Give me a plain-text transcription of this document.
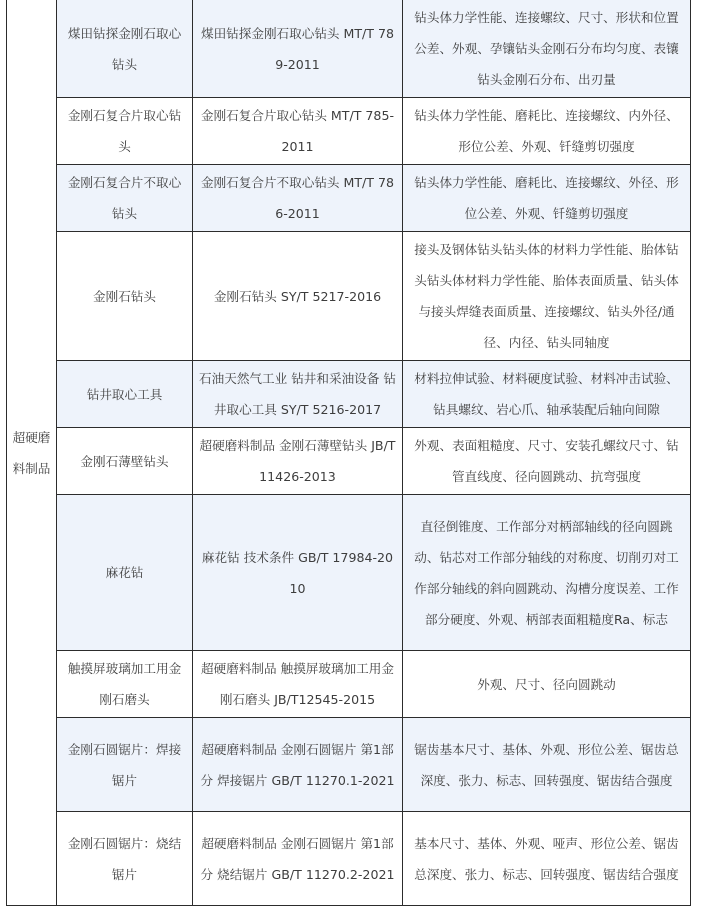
超硬磨料制品	煤田钻探金刚石取心钻头	煤田钻探金刚石取心钻头 MT/T 789-2011	钻头体力学性能、连接螺纹、尺寸、形状和位置公差、外观、孕镶钻头金刚石分布均匀度、表镶钻头金刚石分布、出刃量
	金刚石复合片取心钻头	金刚石复合片取心钻头 MT/T 785-2011	钻头体力学性能、磨耗比、连接螺纹、内外径、形位公差、外观、钎缝剪切强度
	金刚石复合片不取心钻头	金刚石复合片不取心钻头 MT/T 786-2011	钻头体力学性能、磨耗比、连接螺纹、外径、形位公差、外观、钎缝剪切强度
	金刚石钻头	金刚石钻头 SY/T 5217-2016	接头及钢体钻头钻头体的材料力学性能、胎体钻头钻头体材料力学性能、胎体表面质量、钻头体与接头焊缝表面质量、连接螺纹、钻头外径/通径、内径、钻头同轴度
	钻井取心工具	石油天然气工业 钻井和采油设备 钻井取心工具 SY/T 5216-2017	材料拉伸试验、材料硬度试验、材料冲击试验、钻具螺纹、岩心爪、轴承装配后轴向间隙
	金刚石薄壁钻头	超硬磨料制品 金刚石薄壁钻头 JB/T 11426-2013	外观、表面粗糙度、尺寸、安装孔螺纹尺寸、钻管直线度、径向圆跳动、抗弯强度
	麻花钻	麻花钻 技术条件 GB/T 17984-2010	直径倒锥度、工作部分对柄部轴线的径向圆跳动、钻芯对工作部分轴线的对称度、切削刃对工作部分轴线的斜向圆跳动、沟槽分度误差、工作部分硬度、外观、柄部表面粗糙度Ra、标志
	触摸屏玻璃加工用金刚石磨头	超硬磨料制品 触摸屏玻璃加工用金刚石磨头 JB/T12545-2015	外观、尺寸、径向圆跳动
	金刚石圆锯片：焊接锯片	超硬磨料制品 金刚石圆锯片 第1部分 焊接锯片 GB/T 11270.1-2021	锯齿基本尺寸、基体、外观、形位公差、锯齿总深度、张力、标志、回转强度、锯齿结合强度
	金刚石圆锯片：烧结锯片	超硬磨料制品 金刚石圆锯片 第1部分 烧结锯片 GB/T 11270.2-2021	基本尺寸、基体、外观、哑声、形位公差、锯齿总深度、张力、标志、回转强度、锯齿结合强度
